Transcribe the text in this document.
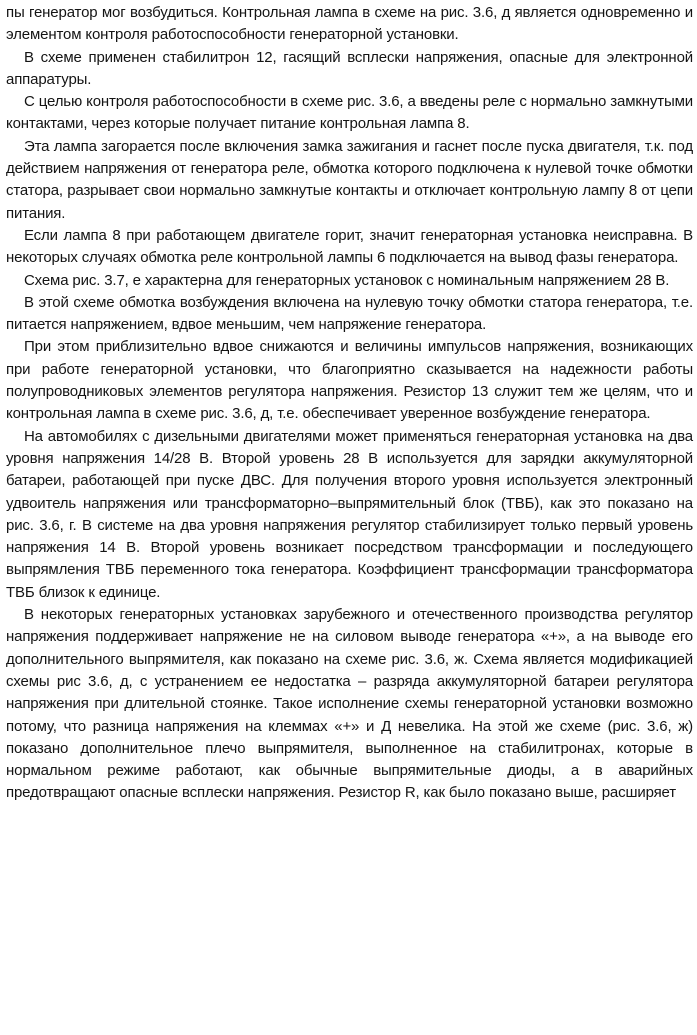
пы генератор мог возбудиться. Контрольная лампа в схеме на рис. 3.6, д является одновременно и элементом контроля работоспособности генераторной установки.

В схеме применен стабилитрон 12, гасящий всплески напряжения, опасные для электронной аппаратуры.

С целью контроля работоспособности в схеме рис. 3.6, а введены реле с нормально замкнутыми контактами, через которые получает питание контрольная лампа 8.

Эта лампа загорается после включения замка зажигания и гаснет после пуска двигателя, т.к. под действием напряжения от генератора реле, обмотка которого подключена к нулевой точке обмотки статора, разрывает свои нормально замкнутые контакты и отключает контрольную лампу 8 от цепи питания.

Если лампа 8 при работающем двигателе горит, значит генераторная установка неисправна. В некоторых случаях обмотка реле контрольной лампы 6 подключается на вывод фазы генератора.

Схема рис. 3.7, е характерна для генераторных установок с номинальным напряжением 28 В.

В этой схеме обмотка возбуждения включена на нулевую точку обмотки статора генератора, т.е. питается напряжением, вдвое меньшим, чем напряжение генератора.

При этом приблизительно вдвое снижаются и величины импульсов напряжения, возникающих при работе генераторной установки, что благоприятно сказывается на надежности работы полупроводниковых элементов регулятора напряжения. Резистор 13 служит тем же целям, что и контрольная лампа в схеме рис. 3.6, д, т.е. обеспечивает уверенное возбуждение генератора.

На автомобилях с дизельными двигателями может применяться генераторная установка на два уровня напряжения 14/28 В. Второй уровень 28 В используется для зарядки аккумуляторной батареи, работающей при пуске ДВС. Для получения второго уровня используется электронный удвоитель напряжения или трансформаторно–выпрямительный блок (ТВБ), как это показано на рис. 3.6, г. В системе на два уровня напряжения регулятор стабилизирует только первый уровень напряжения 14 В. Второй уровень возникает посредством трансформации и последующего выпрямления ТВБ переменного тока генератора. Коэффициент трансформации трансформатора ТВБ близок к единице.

В некоторых генераторных установках зарубежного и отечественного производства регулятор напряжения поддерживает напряжение не на силовом выводе генератора «+», а на выводе его дополнительного выпрямителя, как показано на схеме рис. 3.6, ж. Схема является модификацией схемы рис 3.6, д, с устранением ее недостатка – разряда аккумуляторной батареи регулятора напряжения при длительной стоянке. Такое исполнение схемы генераторной установки возможно потому, что разница напряжения на клеммах «+» и Д невелика. На этой же схеме (рис. 3.6, ж) показано дополнительное плечо выпрямителя, выполненное на стабилитронах, которые в нормальном режиме работают, как обычные выпрямительные диоды, а в аварийных предотвращают опасные всплески напряжения. Резистор R, как было показано выше, расширяет
